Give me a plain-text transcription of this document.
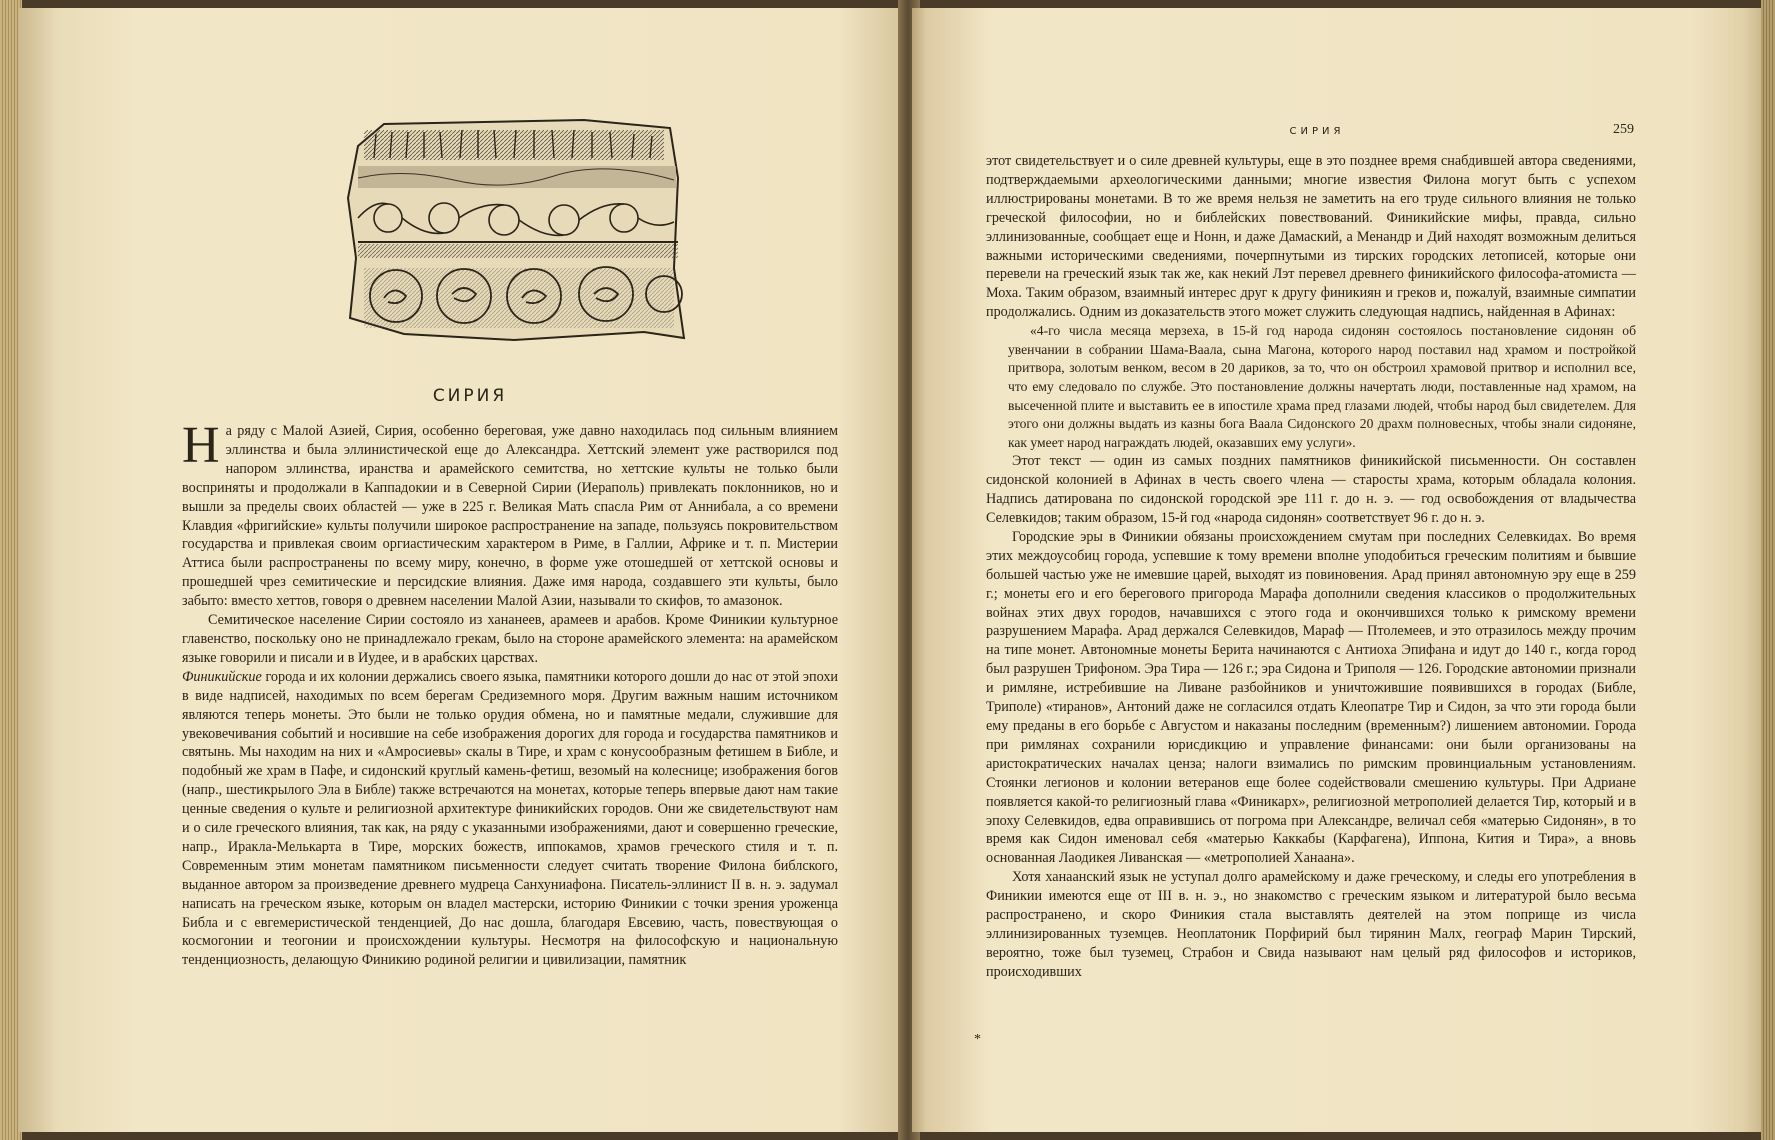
СИРИЯ

На ряду с Малой Азией, Сирия, особенно береговая, уже давно находилась под сильным влиянием эллинства и была эллинистической еще до Александра. Хеттский элемент уже растворился под напором эллинства, иранства и арамейского семитства, но хеттские культы не только были восприняты и продолжали в Каппадокии и в Северной Сирии (Иераполь) привлекать поклонников, но и вышли за пределы своих областей — уже в 225 г. Великая Мать спасла Рим от Аннибала, а со времени Клавдия «фригийские» культы получили широкое распространение на западе, пользуясь покровительством государства и привлекая своим оргиастическим характером в Риме, в Галлии, Африке и т. п. Мистерии Аттиса были распространены по всему миру, конечно, в форме уже отошедшей от хеттской основы и прошедшей чрез семитические и персидские влияния. Даже имя народа, создавшего эти культы, было забыто: вместо хеттов, говоря о древнем населении Малой Азии, называли то скифов, то амазонок.

Семитическое население Сирии состояло из хананеев, арамеев и арабов. Кроме Финикии культурное главенство, поскольку оно не принадлежало грекам, было на стороне арамейского элемента: на арамейском языке говорили и писали и в Иудее, и в арабских царствах.

Финикийские города и их колонии держались своего языка, памятники которого дошли до нас от этой эпохи в виде надписей, находимых по всем берегам Средиземного моря. Другим важным нашим источником являются теперь монеты. Это были не только орудия обмена, но и памятные медали, служившие для увековечивания событий и носившие на себе изображения дорогих для города и государства памятников и святынь. Мы находим на них и «Амросиевы» скалы в Тире, и храм с конусообразным фетишем в Библе, и подобный же храм в Пафе, и сидонский круглый камень-фетиш, везомый на колеснице; изображения богов (напр., шестикрылого Эла в Библе) также встречаются на монетах, которые теперь впервые дают нам такие ценные сведения о культе и религиозной архитектуре финикийских городов. Они же свидетельствуют нам и о силе греческого влияния, так как, на ряду с указанными изображениями, дают и совершенно греческие, напр., Иракла-Мелькарта в Тире, морских божеств, иппокамов, храмов греческого стиля и т. п. Современным этим монетам памятником письменности следует считать творение Филона библского, выданное автором за произведение древнего мудреца Санхуниафона. Писатель-эллинист II в. н. э. задумал написать на греческом языке, которым он владел мастерски, историю Финикии с точки зрения уроженца Библа и с евгемеристической тенденцией, До нас дошла, благодаря Евсевию, часть, повествующая о космогонии и теогонии и происхождении культуры. Несмотря на философскую и национальную тенденциозность, делающую Финикию родиной религии и цивилизации, памятник

СИРИЯ	259

этот свидетельствует и о силе древней культуры, еще в это позднее время снабдившей автора сведениями, подтверждаемыми археологическими данными; многие известия Филона могут быть с успехом иллюстрированы монетами. В то же время нельзя не заметить на его труде сильного влияния не только греческой философии, но и библейских повествований. Финикийские мифы, правда, сильно эллинизованные, сообщает еще и Нонн, и даже Дамаский, а Менандр и Дий находят возможным делиться важными историческими сведениями, почерпнутыми из тирских городских летописей, которые они перевели на греческий язык так же, как некий Лэт перевел древнего финикийского философа-атомиста — Моха. Таким образом, взаимный интерес друг к другу финикиян и греков и, пожалуй, взаимные симпатии продолжались. Одним из доказательств этого может служить следующая надпись, найденная в Афинах:

«4-го числа месяца мерзеха, в 15-й год народа сидонян состоялось постановление сидонян об увенчании в собрании Шама-Ваала, сына Магона, которого народ поставил над храмом и постройкой притвора, золотым венком, весом в 20 дариков, за то, что он обстроил храмовой притвор и исполнил все, что ему следовало по службе. Это постановление должны начертать люди, поставленные над храмом, на высеченной плите и выставить ее в ипостиле храма пред глазами людей, чтобы народ был свидетелем. Для этого они должны выдать из казны бога Ваала Сидонского 20 драхм полновесных, чтобы знали сидоняне, как умеет народ награждать людей, оказавших ему услуги».

Этот текст — один из самых поздних памятников финикийской письменности. Он составлен сидонской колонией в Афинах в честь своего члена — старосты храма, которым обладала колония. Надпись датирована по сидонской городской эре 111 г. до н. э. — год освобождения от владычества Селевкидов; таким образом, 15-й год «народа сидонян» соответствует 96 г. до н. э.

Городские эры в Финикии обязаны происхождением смутам при последних Селевкидах. Во время этих междоусобиц города, успевшие к тому времени вполне уподобиться греческим политиям и бывшие большей частью уже не имевшие царей, выходят из повиновения. Арад принял автономную эру еще в 259 г.; монеты его и его берегового пригорода Марафа дополнили сведения классиков о продолжительных войнах этих двух городов, начавшихся с этого года и окончившихся только к римскому времени разрушением Марафа. Арад держался Селевкидов, Мараф — Птолемеев, и это отразилось между прочим на типе монет. Автономные монеты Берита начинаются с Антиоха Эпифана и идут до 140 г., когда город был разрушен Трифоном. Эра Тира — 126 г.; эра Сидона и Триполя — 126. Городские автономии признали и римляне, истребившие на Ливане разбойников и уничтожившие появившихся в городах (Библе, Триполе) «тиранов», Антоний даже не согласился отдать Клеопатре Тир и Сидон, за что эти города были ему преданы в его борьбе с Августом и наказаны последним (временным?) лишением автономии. Города при римлянах сохранили юрисдикцию и управление финансами: они были организованы на аристократических началах ценза; налоги взимались по римским провинциальным установлениям. Стоянки легионов и колонии ветеранов еще более содействовали смешению культуры. При Адриане появляется какой-то религиозный глава «Финикарх», религиозной метрополией делается Тир, который и в эпоху Селевкидов, едва оправившись от погрома при Александре, величал себя «матерью Сидонян», в то время как Сидон именовал себя «матерью Каккабы (Карфагена), Иппона, Кития и Тира», а вновь основанная Лаодикея Ливанская — «метрополией Ханаана».

Хотя ханаанский язык не уступал долго арамейскому и даже греческому, и следы его употребления в Финикии имеются еще от III в. н. э., но знакомство с греческим языком и литературой было весьма распространено, и скоро Финикия стала выставлять деятелей на этом поприще из числа эллинизированных туземцев. Неоплатоник Порфирий был тирянин Малх, географ Марин Тирский, вероятно, тоже был туземец, Страбон и Свида называют нам целый ряд философов и историков, происходивших

*
